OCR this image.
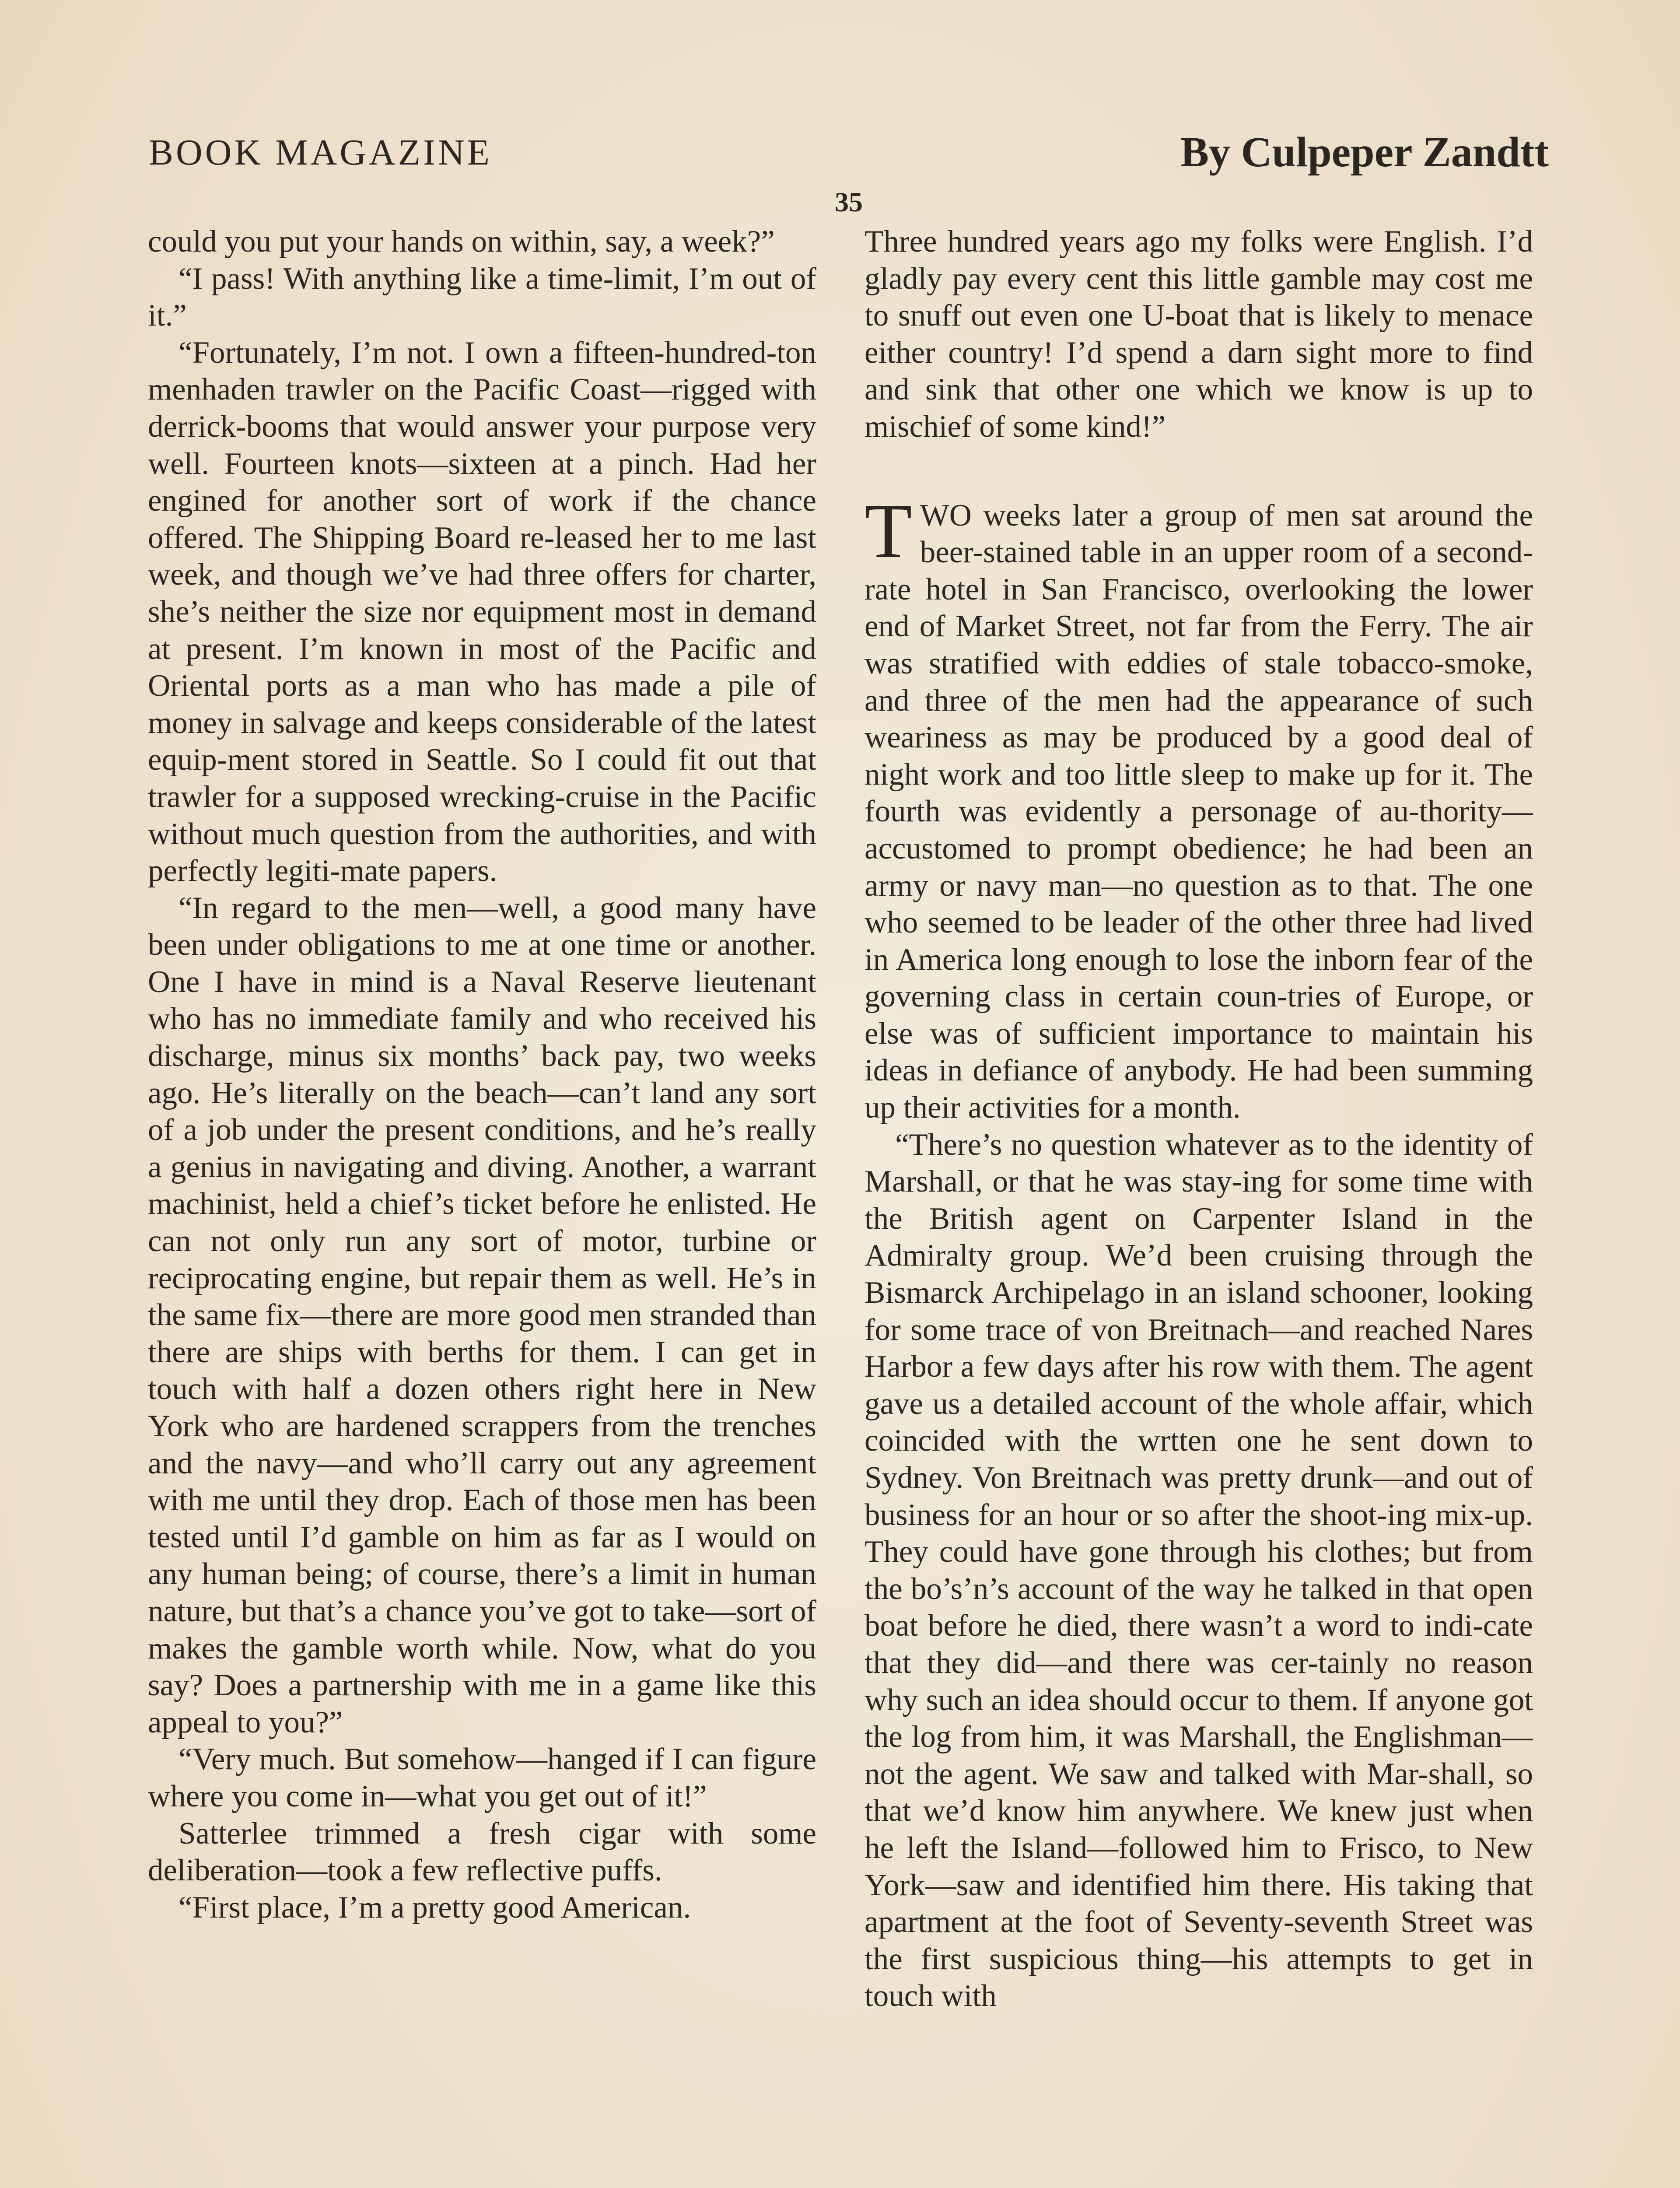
BOOK MAGAZINE	By Culpeper Zandtt
35

could you put your hands on within, say, a week?”

“I pass! With anything like a time-limit, I’m out of it.”

“Fortunately, I’m not. I own a fifteen-hundred-ton menhaden trawler on the Pacific Coast—rigged with derrick-booms that would answer your purpose very well. Fourteen knots—sixteen at a pinch. Had her engined for another sort of work if the chance offered. The Shipping Board re-leased her to me last week, and though we’ve had three offers for charter, she’s neither the size nor equipment most in demand at present. I’m known in most of the Pacific and Oriental ports as a man who has made a pile of money in salvage and keeps considerable of the latest equip-ment stored in Seattle. So I could fit out that trawler for a supposed wrecking-cruise in the Pacific without much question from the authorities, and with perfectly legiti-mate papers.

“In regard to the men—well, a good many have been under obligations to me at one time or another. One I have in mind is a Naval Reserve lieutenant who has no immediate family and who received his discharge, minus six months’ back pay, two weeks ago. He’s literally on the beach—can’t land any sort of a job under the present conditions, and he’s really a genius in navigating and diving. Another, a warrant machinist, held a chief’s ticket before he enlisted. He can not only run any sort of motor, turbine or reciprocating engine, but repair them as well. He’s in the same fix—there are more good men stranded than there are ships with berths for them. I can get in touch with half a dozen others right here in New York who are hardened scrappers from the trenches and the navy—and who’ll carry out any agreement with me until they drop. Each of those men has been tested until I’d gamble on him as far as I would on any human being; of course, there’s a limit in human nature, but that’s a chance you’ve got to take—sort of makes the gamble worth while. Now, what do you say? Does a partnership with me in a game like this appeal to you?”

“Very much. But somehow—hanged if I can figure where you come in—what you get out of it!”

Satterlee trimmed a fresh cigar with some deliberation—took a few reflective puffs.

“First place, I’m a pretty good American.

Three hundred years ago my folks were English. I’d gladly pay every cent this little gamble may cost me to snuff out even one U-boat that is likely to menace either country! I’d spend a darn sight more to find and sink that other one which we know is up to mischief of some kind!”

TWO weeks later a group of men sat around the beer-stained table in an upper room of a second-rate hotel in San Francisco, overlooking the lower end of Market Street, not far from the Ferry. The air was stratified with eddies of stale tobacco-smoke, and three of the men had the appearance of such weariness as may be produced by a good deal of night work and too little sleep to make up for it. The fourth was evidently a personage of au-thority—accustomed to prompt obedience; he had been an army or navy man—no question as to that. The one who seemed to be leader of the other three had lived in America long enough to lose the inborn fear of the governing class in certain coun-tries of Europe, or else was of sufficient importance to maintain his ideas in defiance of anybody. He had been summing up their activities for a month.

“There’s no question whatever as to the identity of Marshall, or that he was stay-ing for some time with the British agent on Carpenter Island in the Admiralty group. We’d been cruising through the Bismarck Archipelago in an island schooner, looking for some trace of von Breitnach—and reached Nares Harbor a few days after his row with them. The agent gave us a detailed account of the whole affair, which coincided with the wrtten one he sent down to Sydney. Von Breitnach was pretty drunk—and out of business for an hour or so after the shoot-ing mix-up. They could have gone through his clothes; but from the bo’s’n’s account of the way he talked in that open boat before he died, there wasn’t a word to indi-cate that they did—and there was cer-tainly no reason why such an idea should occur to them. If anyone got the log from him, it was Marshall, the Englishman—not the agent. We saw and talked with Mar-shall, so that we’d know him anywhere. We knew just when he left the Island—followed him to Frisco, to New York—saw and identified him there. His taking that apartment at the foot of Seventy-seventh Street was the first suspicious thing—his attempts to get in touch with
